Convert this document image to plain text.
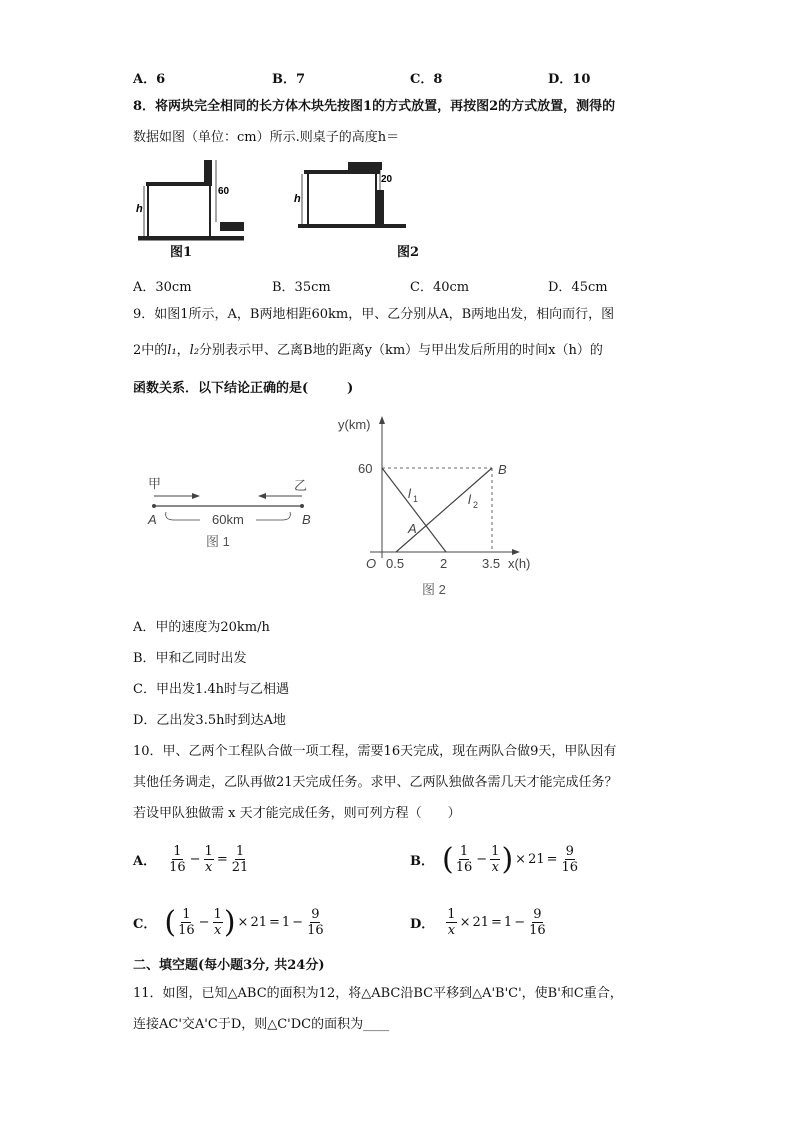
A．6	B．7	C．8	D．10
8．将两块完全相同的长方体木块先按图1的方式放置，再按图2的方式放置，测得的
数据如图（单位：cm）所示.则桌子的高度h＝
h
60
h
20
图1	图2
A．30cm	B．35cm	C．40cm	D．45cm
9．如图1所示，A，B两地相距60km，甲、乙分别从A，B两地出发，相向而行，图
2中的l₁，l₂分别表示甲、乙离B地的距离y（km）与甲出发后所用的时间x（h）的
函数关系．以下结论正确的是(　　　)
甲	乙
A	B
60km
图 1
y(km)
x(h)
O
60
0.5	2	3.5
l 1	l 2
A
B
图 2
A．甲的速度为20km/h
B．甲和乙同时出发
C．甲出发1.4h时与乙相遇
D．乙出发3.5h时到达A地
10．甲、乙两个工程队合做一项工程，需要16天完成，现在两队合做9天，甲队因有
其他任务调走，乙队再做21天完成任务。求甲、乙两队独做各需几天才能完成任务？
若设甲队独做需 x 天才能完成任务，则可列方程（　　）
A． $\frac{1}{16} - \frac{1}{x} = \frac{1}{21}$	B． ( $\frac{1}{16} - \frac{1}{x}$ ) × $21 = \frac{9}{16}$
C． ( $\frac{1}{16} - \frac{1}{x}$ ) × $21 = 1 - \frac{9}{16}$	D． $\frac{1}{x} \times 21 = 1 - \frac{9}{16}$
二、填空题(每小题3分, 共24分)
11．如图，已知△ABC的面积为12，将△ABC沿BC平移到△A'B'C'，使B'和C重合，
连接AC'交A'C于D，则△C'DC的面积为____
